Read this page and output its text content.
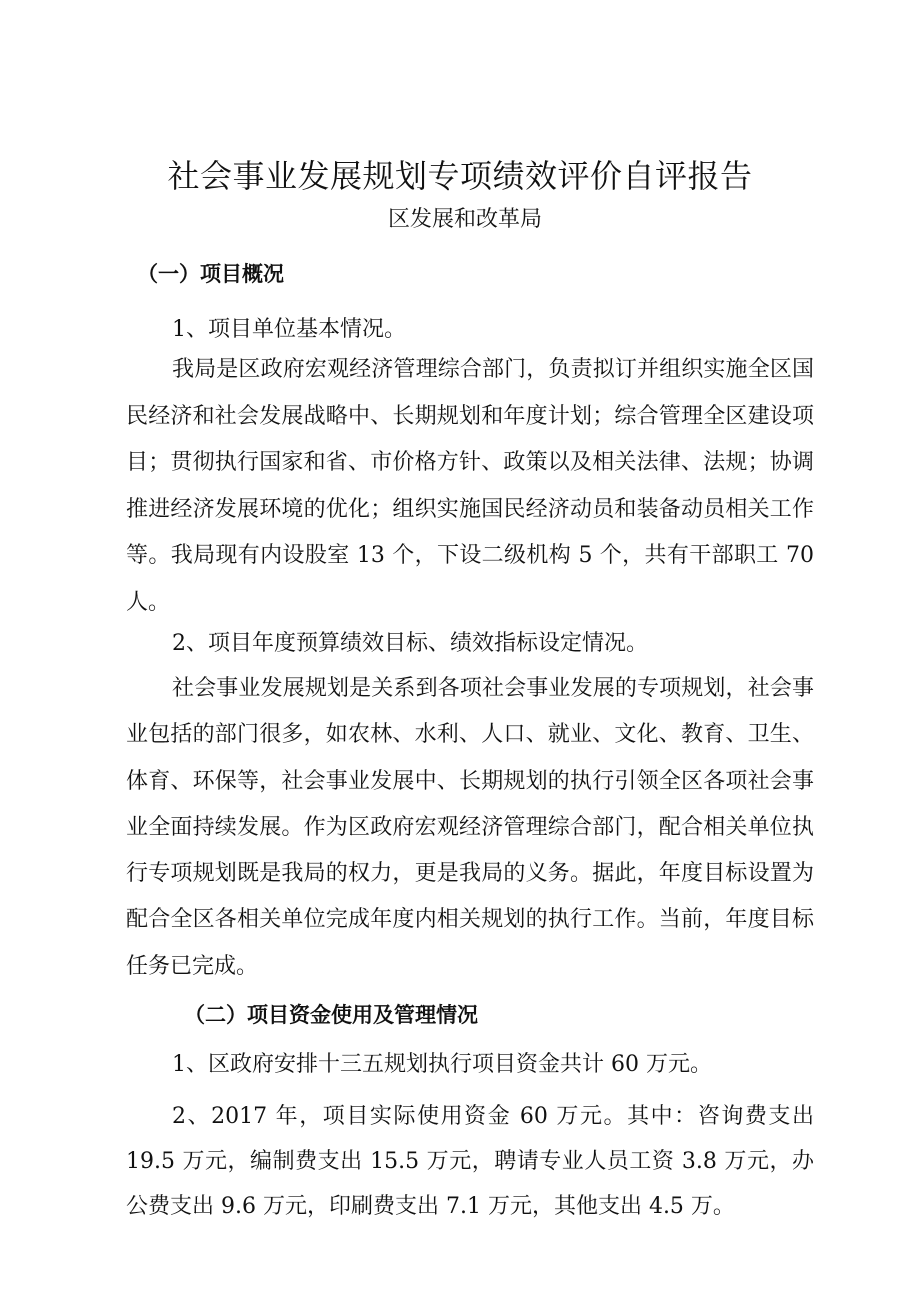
社会事业发展规划专项绩效评价自评报告
区发展和改革局
（一）项目概况
1、项目单位基本情况。
我局是区政府宏观经济管理综合部门，负责拟订并组织实施全区国民经济和社会发展战略中、长期规划和年度计划；综合管理全区建设项目；贯彻执行国家和省、市价格方针、政策以及相关法律、法规；协调推进经济发展环境的优化；组织实施国民经济动员和装备动员相关工作等。我局现有内设股室 13 个，下设二级机构 5 个，共有干部职工 70 人。
2、项目年度预算绩效目标、绩效指标设定情况。
社会事业发展规划是关系到各项社会事业发展的专项规划，社会事业包括的部门很多，如农林、水利、人口、就业、文化、教育、卫生、体育、环保等，社会事业发展中、长期规划的执行引领全区各项社会事业全面持续发展。作为区政府宏观经济管理综合部门，配合相关单位执行专项规划既是我局的权力，更是我局的义务。据此，年度目标设置为配合全区各相关单位完成年度内相关规划的执行工作。当前，年度目标任务已完成。
（二）项目资金使用及管理情况
1、区政府安排十三五规划执行项目资金共计 60 万元。
2、2017 年，项目实际使用资金 60 万元。其中：咨询费支出 19.5 万元，编制费支出 15.5 万元，聘请专业人员工资 3.8 万元，办公费支出 9.6 万元，印刷费支出 7.1 万元，其他支出 4.5 万。
